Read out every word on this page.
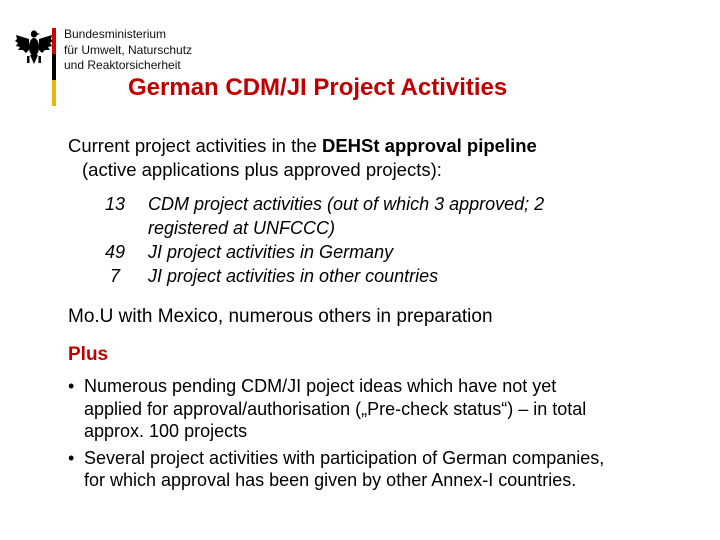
Bundesministerium
für Umwelt, Naturschutz
und Reaktorsicherheit
German CDM/JI Project Activities
Current project activities in the DEHSt approval pipeline
(active applications plus approved projects):
13 CDM project activities (out of which 3 approved; 2
registered at UNFCCC)
49 JI project activities in Germany
7	JI project activities in other countries
Mo.U with Mexico, numerous others in preparation
Plus
• Numerous pending CDM/JI poject ideas which have not yet
applied for approval/authorisation („Pre-check status“) – in total
approx. 100 projects
• Several project activities with participation of German companies,
for which approval has been given by other Annex-I countries.
